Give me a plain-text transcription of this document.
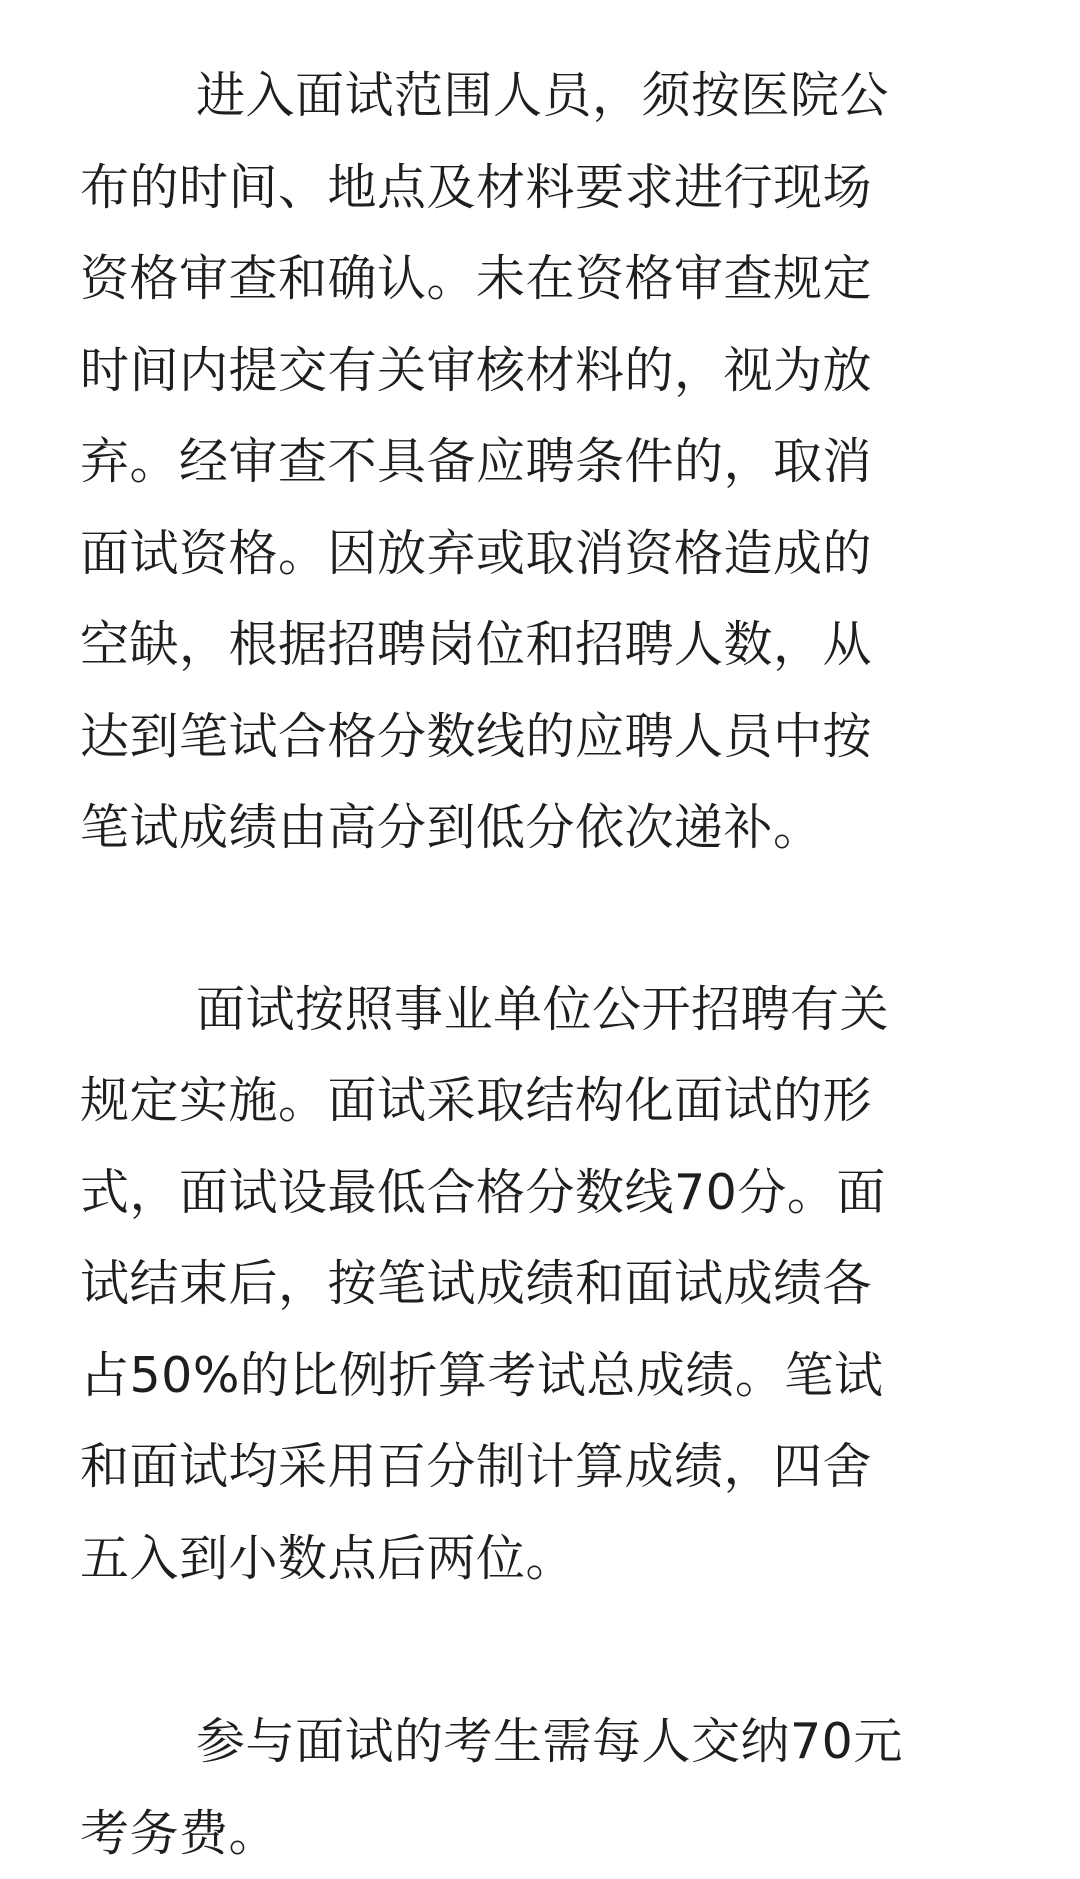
进入面试范围人员，须按医院公
布的时间、地点及材料要求进行现场
资格审查和确认。未在资格审查规定
时间内提交有关审核材料的，视为放
弃。经审查不具备应聘条件的，取消
面试资格。因放弃或取消资格造成的
空缺，根据招聘岗位和招聘人数，从
达到笔试合格分数线的应聘人员中按
笔试成绩由高分到低分依次递补。

面试按照事业单位公开招聘有关
规定实施。面试采取结构化面试的形
式，面试设最低合格分数线70分。面
试结束后，按笔试成绩和面试成绩各
占50%的比例折算考试总成绩。笔试
和面试均采用百分制计算成绩，四舍
五入到小数点后两位。

参与面试的考生需每人交纳70元
考务费。
